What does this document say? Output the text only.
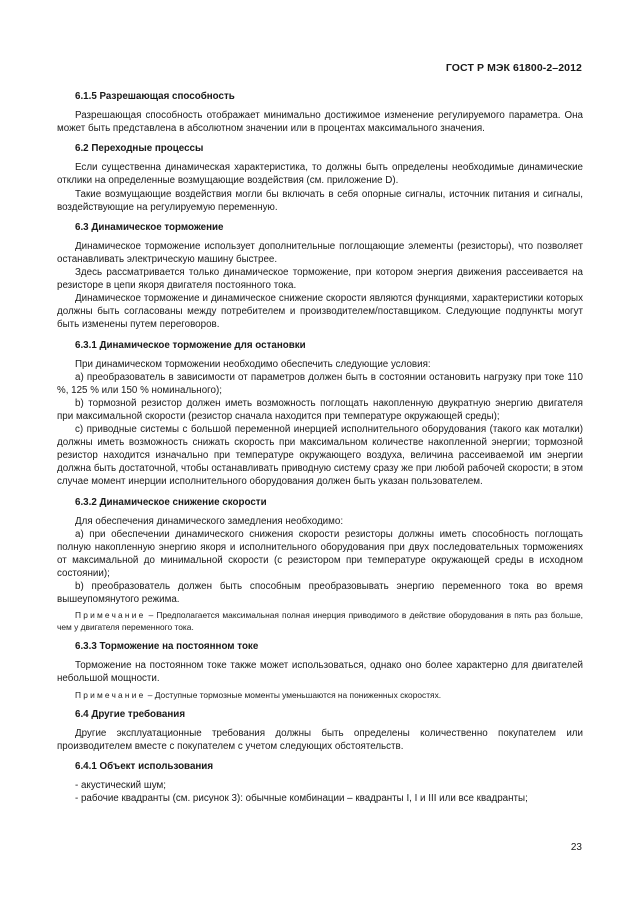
ГОСТ Р МЭК 61800-2–2012
6.1.5 Разрешающая способность

Разрешающая способность отображает минимально достижимое изменение регулируемого параметра. Она может быть представлена в абсолютном значении или в процентах максимального значения.

6.2 Переходные процессы

Если существенна динамическая характеристика, то должны быть определены необходимые динамические отклики на определенные возмущающие воздействия (см. приложение D).

Такие возмущающие воздействия могли бы включать в себя опорные сигналы, источник питания и сигналы, воздействующие на регулируемую переменную.

6.3 Динамическое торможение

Динамическое торможение использует дополнительные поглощающие элементы (резисторы), что позволяет останавливать электрическую машину быстрее.

Здесь рассматривается только динамическое торможение, при котором энергия движения рассеивается на резисторе в цепи якоря двигателя постоянного тока.

Динамическое торможение и динамическое снижение скорости являются функциями, характеристики которых должны быть согласованы между потребителем и производителем/поставщиком. Следующие подпункты могут быть изменены путем переговоров.

6.3.1 Динамическое торможение для остановки

При динамическом торможении необходимо обеспечить следующие условия:

а) преобразователь в зависимости от параметров должен быть в состоянии остановить нагрузку при токе 110 %, 125 % или 150 % номинального);

b) тормозной резистор должен иметь возможность поглощать накопленную двукратную энергию двигателя при максимальной скорости (резистор сначала находится при температуре окружающей среды);

c) приводные системы с большой переменной инерцией исполнительного оборудования (такого как моталки) должны иметь возможность снижать скорость при максимальном количестве накопленной энергии; тормозной резистор находится изначально при температуре окружающего воздуха, величина рассеиваемой им энергии должна быть достаточной, чтобы останавливать приводную систему сразу же при любой рабочей скорости; в этом случае момент инерции исполнительного оборудования должен быть указан пользователем.

6.3.2 Динамическое снижение скорости

Для обеспечения динамического замедления необходимо:

а) при обеспечении динамического снижения скорости резисторы должны иметь способность поглощать полную накопленную энергию якоря и исполнительного оборудования при двух последовательных торможениях от максимальной до минимальной скорости (с резистором при температуре окружающей среды в исходном состоянии);

b) преобразователь должен быть способным преобразовывать энергию переменного тока во время вышеупомянутого режима.

Примечание – Предполагается максимальная полная инерция приводимого в действие оборудования в пять раз больше, чем у двигателя переменного тока.

6.3.3 Торможение на постоянном токе

Торможение на постоянном токе также может использоваться, однако оно более характерно для двигателей небольшой мощности.

Примечание – Доступные тормозные моменты уменьшаются на пониженных скоростях.

6.4 Другие требования

Другие эксплуатационные требования должны быть определены количественно покупателем или производителем вместе с покупателем с учетом следующих обстоятельств.

6.4.1 Объект использования

- акустический шум;

- рабочие квадранты (см. рисунок 3): обычные комбинации – квадранты I, I и III или все квадранты;

23
